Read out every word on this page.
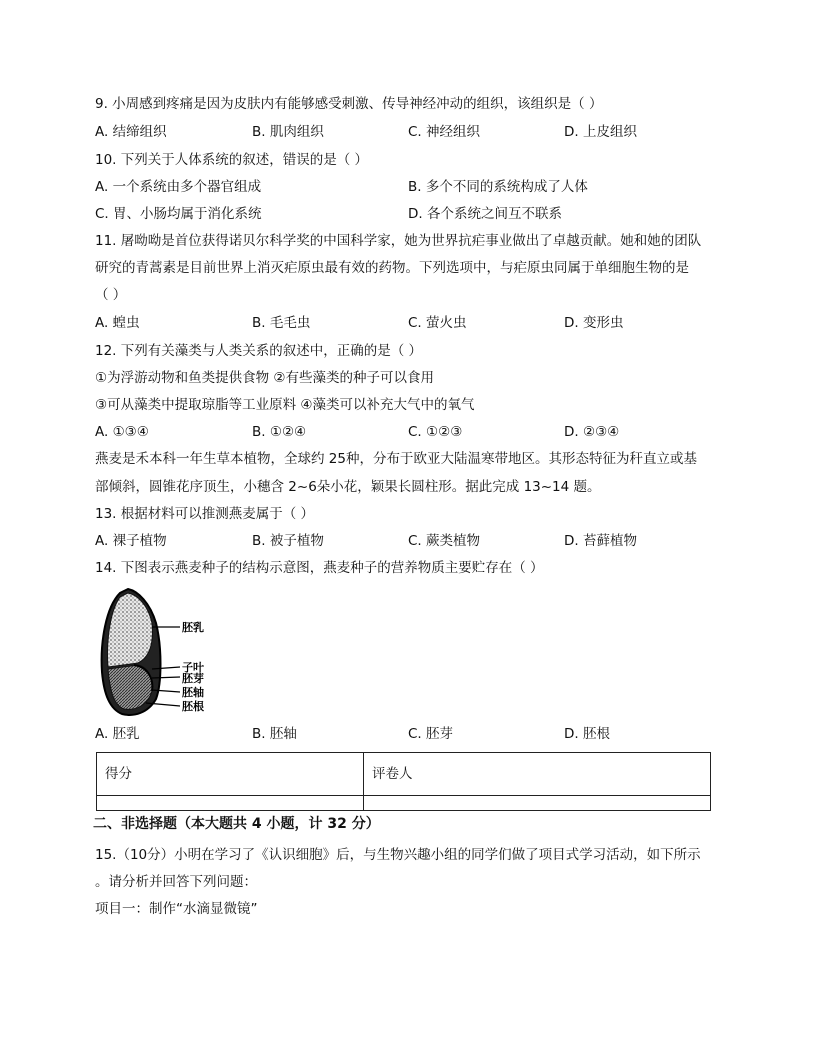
9. 小周感到疼痛是因为皮肤内有能够感受刺激、传导神经冲动的组织，该组织是（ ）
A. 结缔组织	B. 肌肉组织	C. 神经组织	D. 上皮组织
10. 下列关于人体系统的叙述，错误的是（ ）
A. 一个系统由多个器官组成	B. 多个不同的系统构成了人体
C. 胃、小肠均属于消化系统	D. 各个系统之间互不联系
11. 屠呦呦是首位获得诺贝尔科学奖的中国科学家，她为世界抗疟事业做出了卓越贡献。她和她的团队
研究的青蒿素是目前世界上消灭疟原虫最有效的药物。下列选项中，与疟原虫同属于单细胞生物的是
（ ）
A. 蝗虫	B. 毛毛虫	C. 萤火虫	D. 变形虫
12. 下列有关藻类与人类关系的叙述中，正确的是（ ）
①为浮游动物和鱼类提供食物 ②有些藻类的种子可以食用
③可从藻类中提取琼脂等工业原料 ④藻类可以补充大气中的氧气
A. ①③④	B. ①②④	C. ①②③	D. ②③④
燕麦是禾本科一年生草本植物，全球约 25种，分布于欧亚大陆温寒带地区。其形态特征为秆直立或基
部倾斜，圆锥花序顶生，小穗含 2~6朵小花，颖果长圆柱形。据此完成 13~14 题。
13. 根据材料可以推测燕麦属于（ ）
A. 裸子植物	B. 被子植物	C. 蕨类植物	D. 苔藓植物
14. 下图表示燕麦种子的结构示意图，燕麦种子的营养物质主要贮存在（ ）
胚乳
子叶
胚芽
胚轴
胚根
A. 胚乳	B. 胚轴	C. 胚芽	D. 胚根
得分	评卷人

二、非选择题（本大题共 4 小题，计 32 分）
15.（10分）小明在学习了《认识细胞》后，与生物兴趣小组的同学们做了项目式学习活动，如下所示
。请分析并回答下列问题：
项目一：制作“水滴显微镜”
